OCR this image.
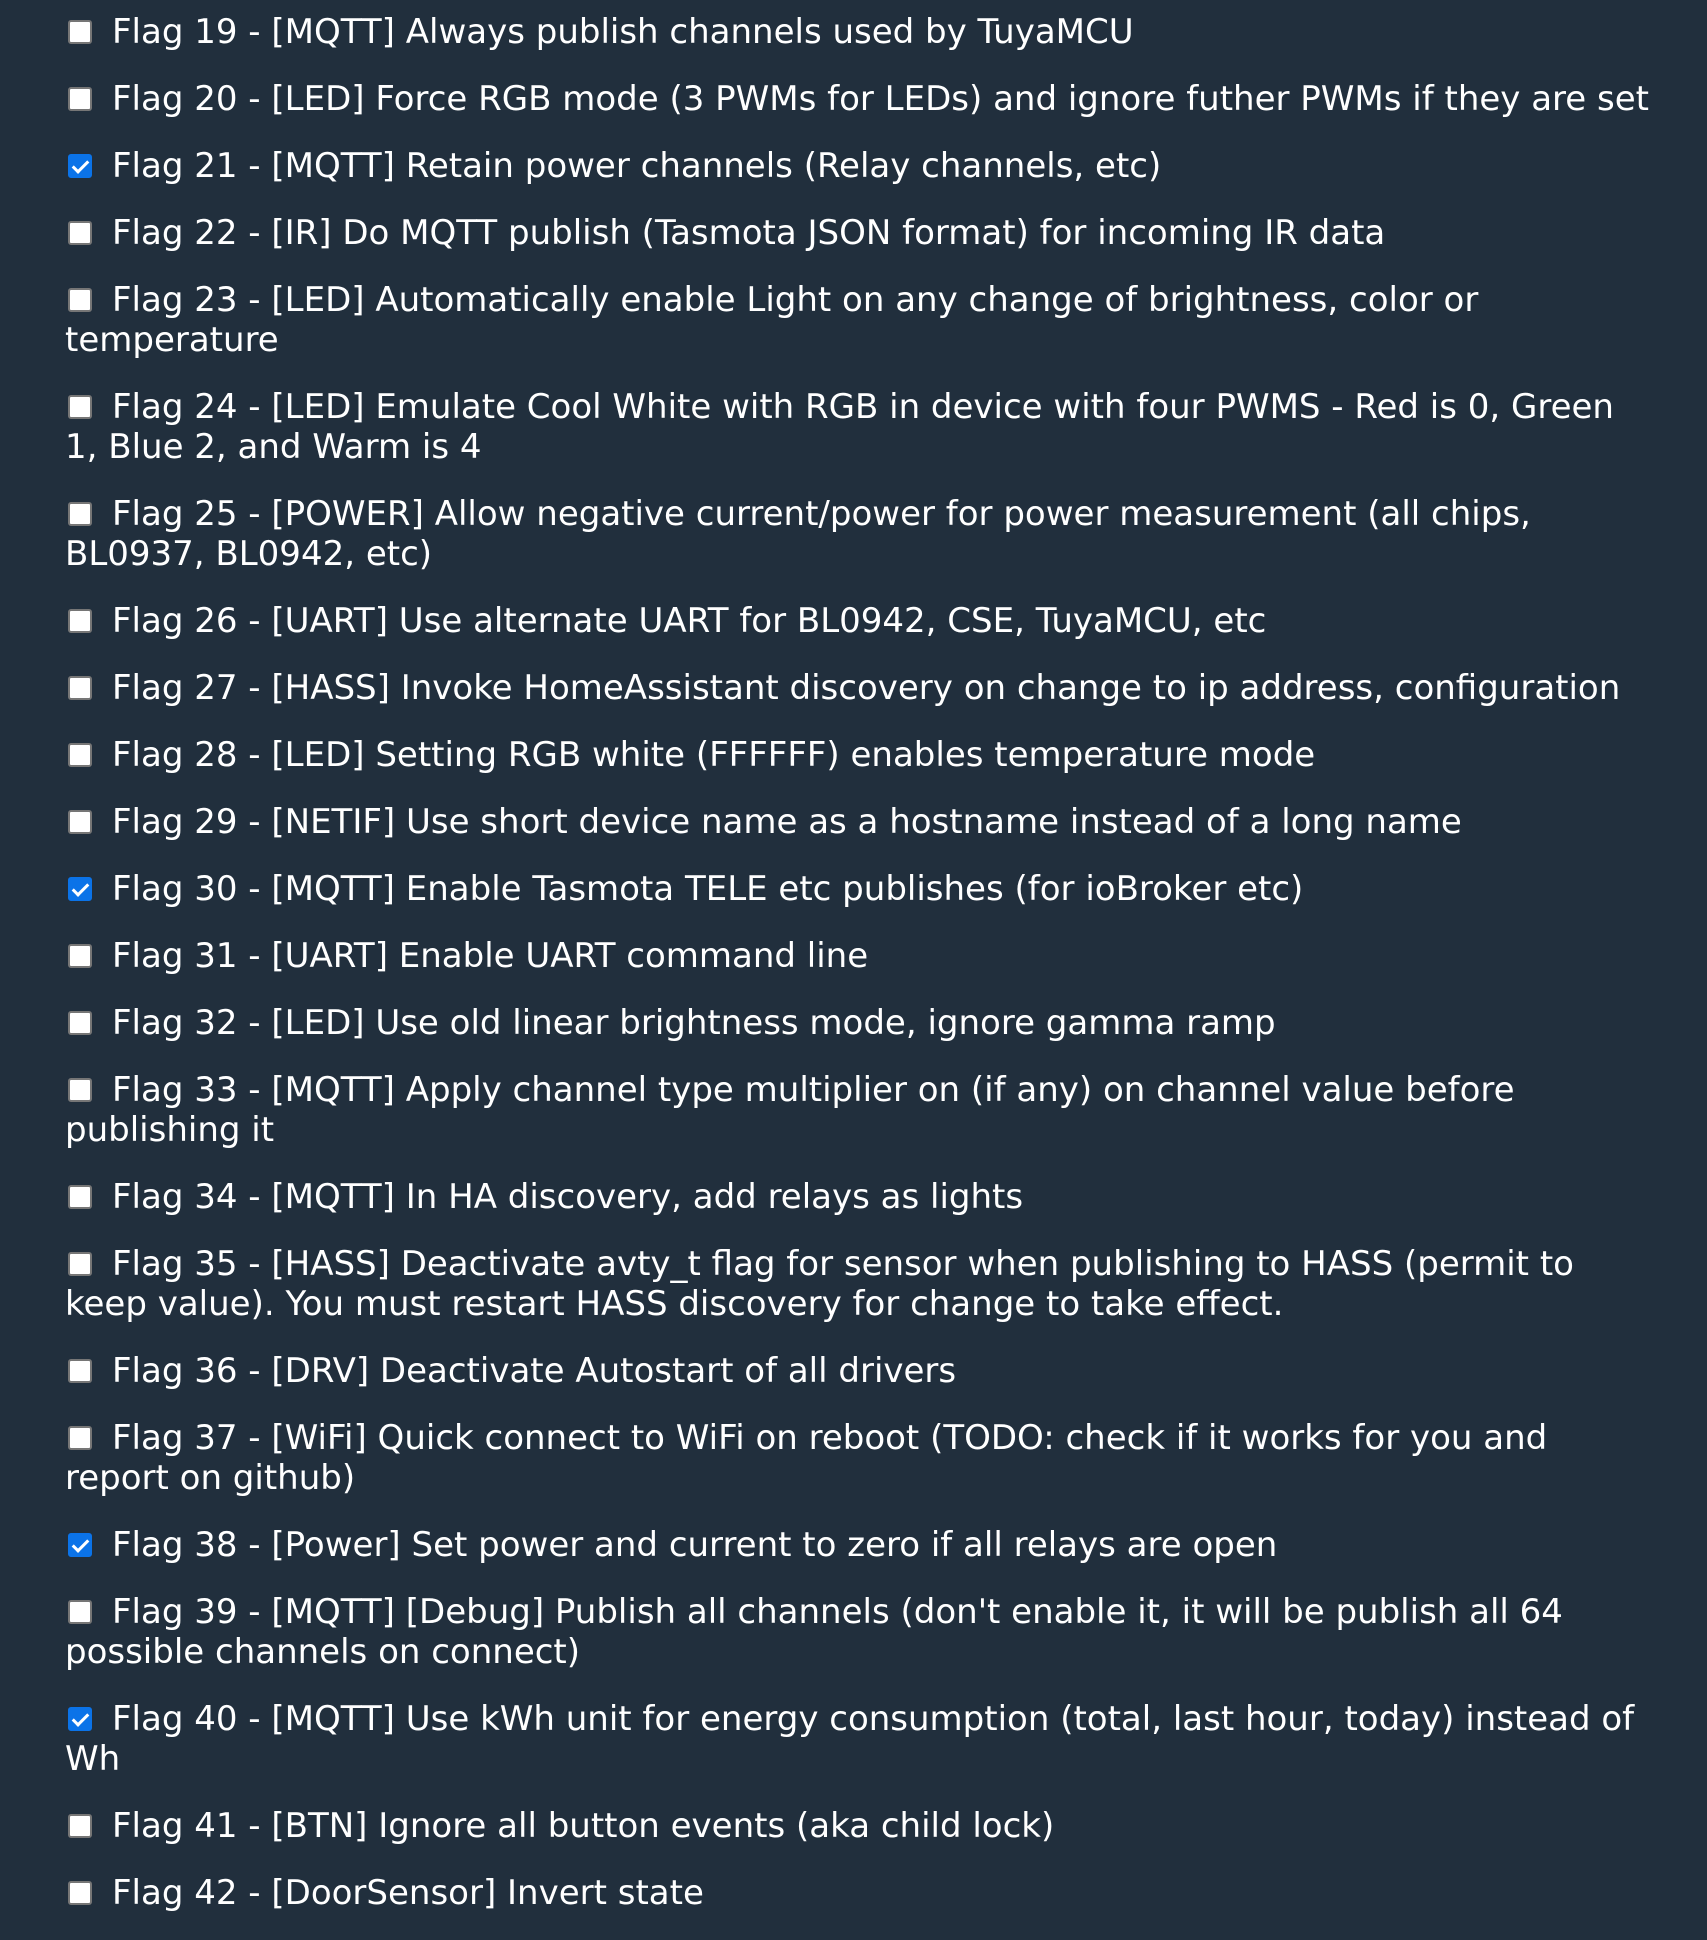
Flag 19 - [MQTT] Always publish channels used by TuyaMCU
Flag 20 - [LED] Force RGB mode (3 PWMs for LEDs) and ignore futher PWMs if they are set
Flag 21 - [MQTT] Retain power channels (Relay channels, etc)
Flag 22 - [IR] Do MQTT publish (Tasmota JSON format) for incoming IR data
Flag 23 - [LED] Automatically enable Light on any change of brightness, color or temperature
Flag 24 - [LED] Emulate Cool White with RGB in device with four PWMS - Red is 0, Green 1, Blue 2, and Warm is 4
Flag 25 - [POWER] Allow negative current/power for power measurement (all chips, BL0937, BL0942, etc)
Flag 26 - [UART] Use alternate UART for BL0942, CSE, TuyaMCU, etc
Flag 27 - [HASS] Invoke HomeAssistant discovery on change to ip address, configuration
Flag 28 - [LED] Setting RGB white (FFFFFF) enables temperature mode
Flag 29 - [NETIF] Use short device name as a hostname instead of a long name
Flag 30 - [MQTT] Enable Tasmota TELE etc publishes (for ioBroker etc)
Flag 31 - [UART] Enable UART command line
Flag 32 - [LED] Use old linear brightness mode, ignore gamma ramp
Flag 33 - [MQTT] Apply channel type multiplier on (if any) on channel value before publishing it
Flag 34 - [MQTT] In HA discovery, add relays as lights
Flag 35 - [HASS] Deactivate avty_t flag for sensor when publishing to HASS (permit to keep value). You must restart HASS discovery for change to take effect.
Flag 36 - [DRV] Deactivate Autostart of all drivers
Flag 37 - [WiFi] Quick connect to WiFi on reboot (TODO: check if it works for you and report on github)
Flag 38 - [Power] Set power and current to zero if all relays are open
Flag 39 - [MQTT] [Debug] Publish all channels (don't enable it, it will be publish all 64 possible channels on connect)
Flag 40 - [MQTT] Use kWh unit for energy consumption (total, last hour, today) instead of Wh
Flag 41 - [BTN] Ignore all button events (aka child lock)
Flag 42 - [DoorSensor] Invert state
